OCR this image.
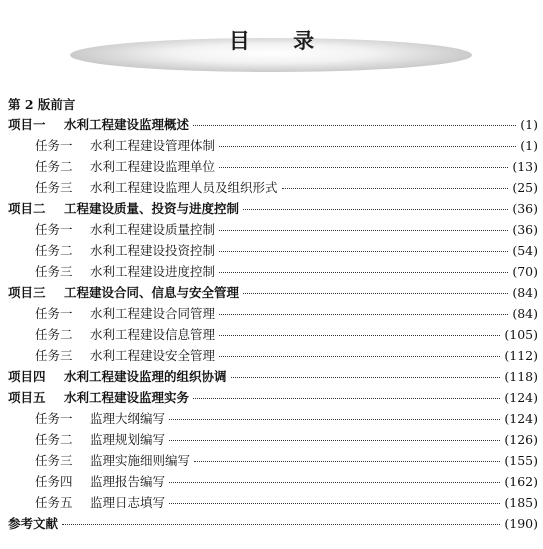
目 录
第 2 版前言
项目一 水利工程建设监理概述	(1)
任务一 水利工程建设管理体制	(1)
任务二 水利工程建设监理单位	(13)
任务三 水利工程建设监理人员及组织形式	(25)
项目二 工程建设质量、投资与进度控制	(36)
任务一 水利工程建设质量控制	(36)
任务二 水利工程建设投资控制	(54)
任务三 水利工程建设进度控制	(70)
项目三 工程建设合同、信息与安全管理	(84)
任务一 水利工程建设合同管理	(84)
任务二 水利工程建设信息管理	(105)
任务三 水利工程建设安全管理	(112)
项目四 水利工程建设监理的组织协调	(118)
项目五 水利工程建设监理实务	(124)
任务一 监理大纲编写	(124)
任务二 监理规划编写	(126)
任务三 监理实施细则编写	(155)
任务四 监理报告编写	(162)
任务五 监理日志填写	(185)
参考文献	(190)
